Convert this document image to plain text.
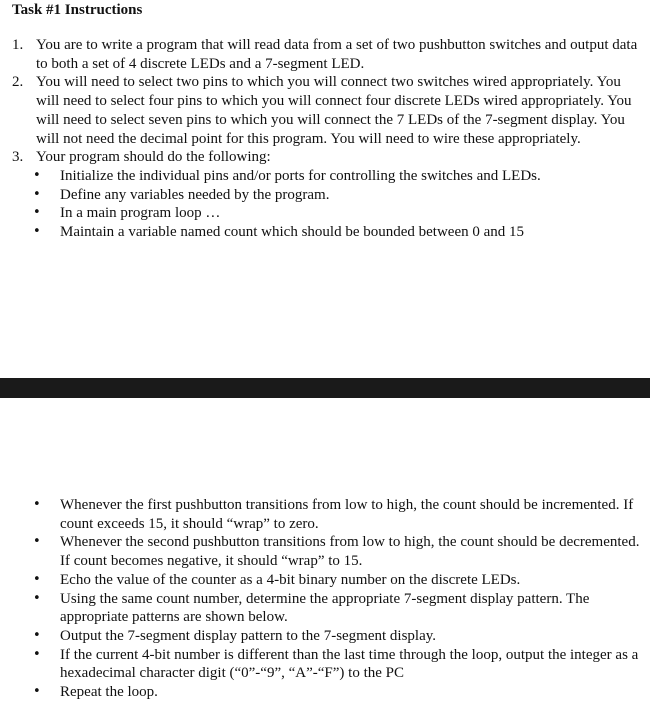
Task #1 Instructions
1. You are to write a program that will read data from a set of two pushbutton switches and output data to both a set of 4 discrete LEDs and a 7-segment LED.
2. You will need to select two pins to which you will connect two switches wired appropriately. You will need to select four pins to which you will connect four discrete LEDs wired appropriately. You will need to select seven pins to which you will connect the 7 LEDs of the 7-segment display. You will not need the decimal point for this program. You will need to wire these appropriately.
3. Your program should do the following:
• Initialize the individual pins and/or ports for controlling the switches and LEDs.
• Define any variables needed by the program.
• In a main program loop …
• Maintain a variable named count which should be bounded between 0 and 15
• Whenever the first pushbutton transitions from low to high, the count should be incremented. If count exceeds 15, it should “wrap” to zero.
• Whenever the second pushbutton transitions from low to high, the count should be decremented. If count becomes negative, it should “wrap” to 15.
• Echo the value of the counter as a 4-bit binary number on the discrete LEDs.
• Using the same count number, determine the appropriate 7-segment display pattern. The appropriate patterns are shown below.
• Output the 7-segment display pattern to the 7-segment display.
• If the current 4-bit number is different than the last time through the loop, output the integer as a hexadecimal character digit (“0”-“9”, “A”-“F”) to the PC
• Repeat the loop.
